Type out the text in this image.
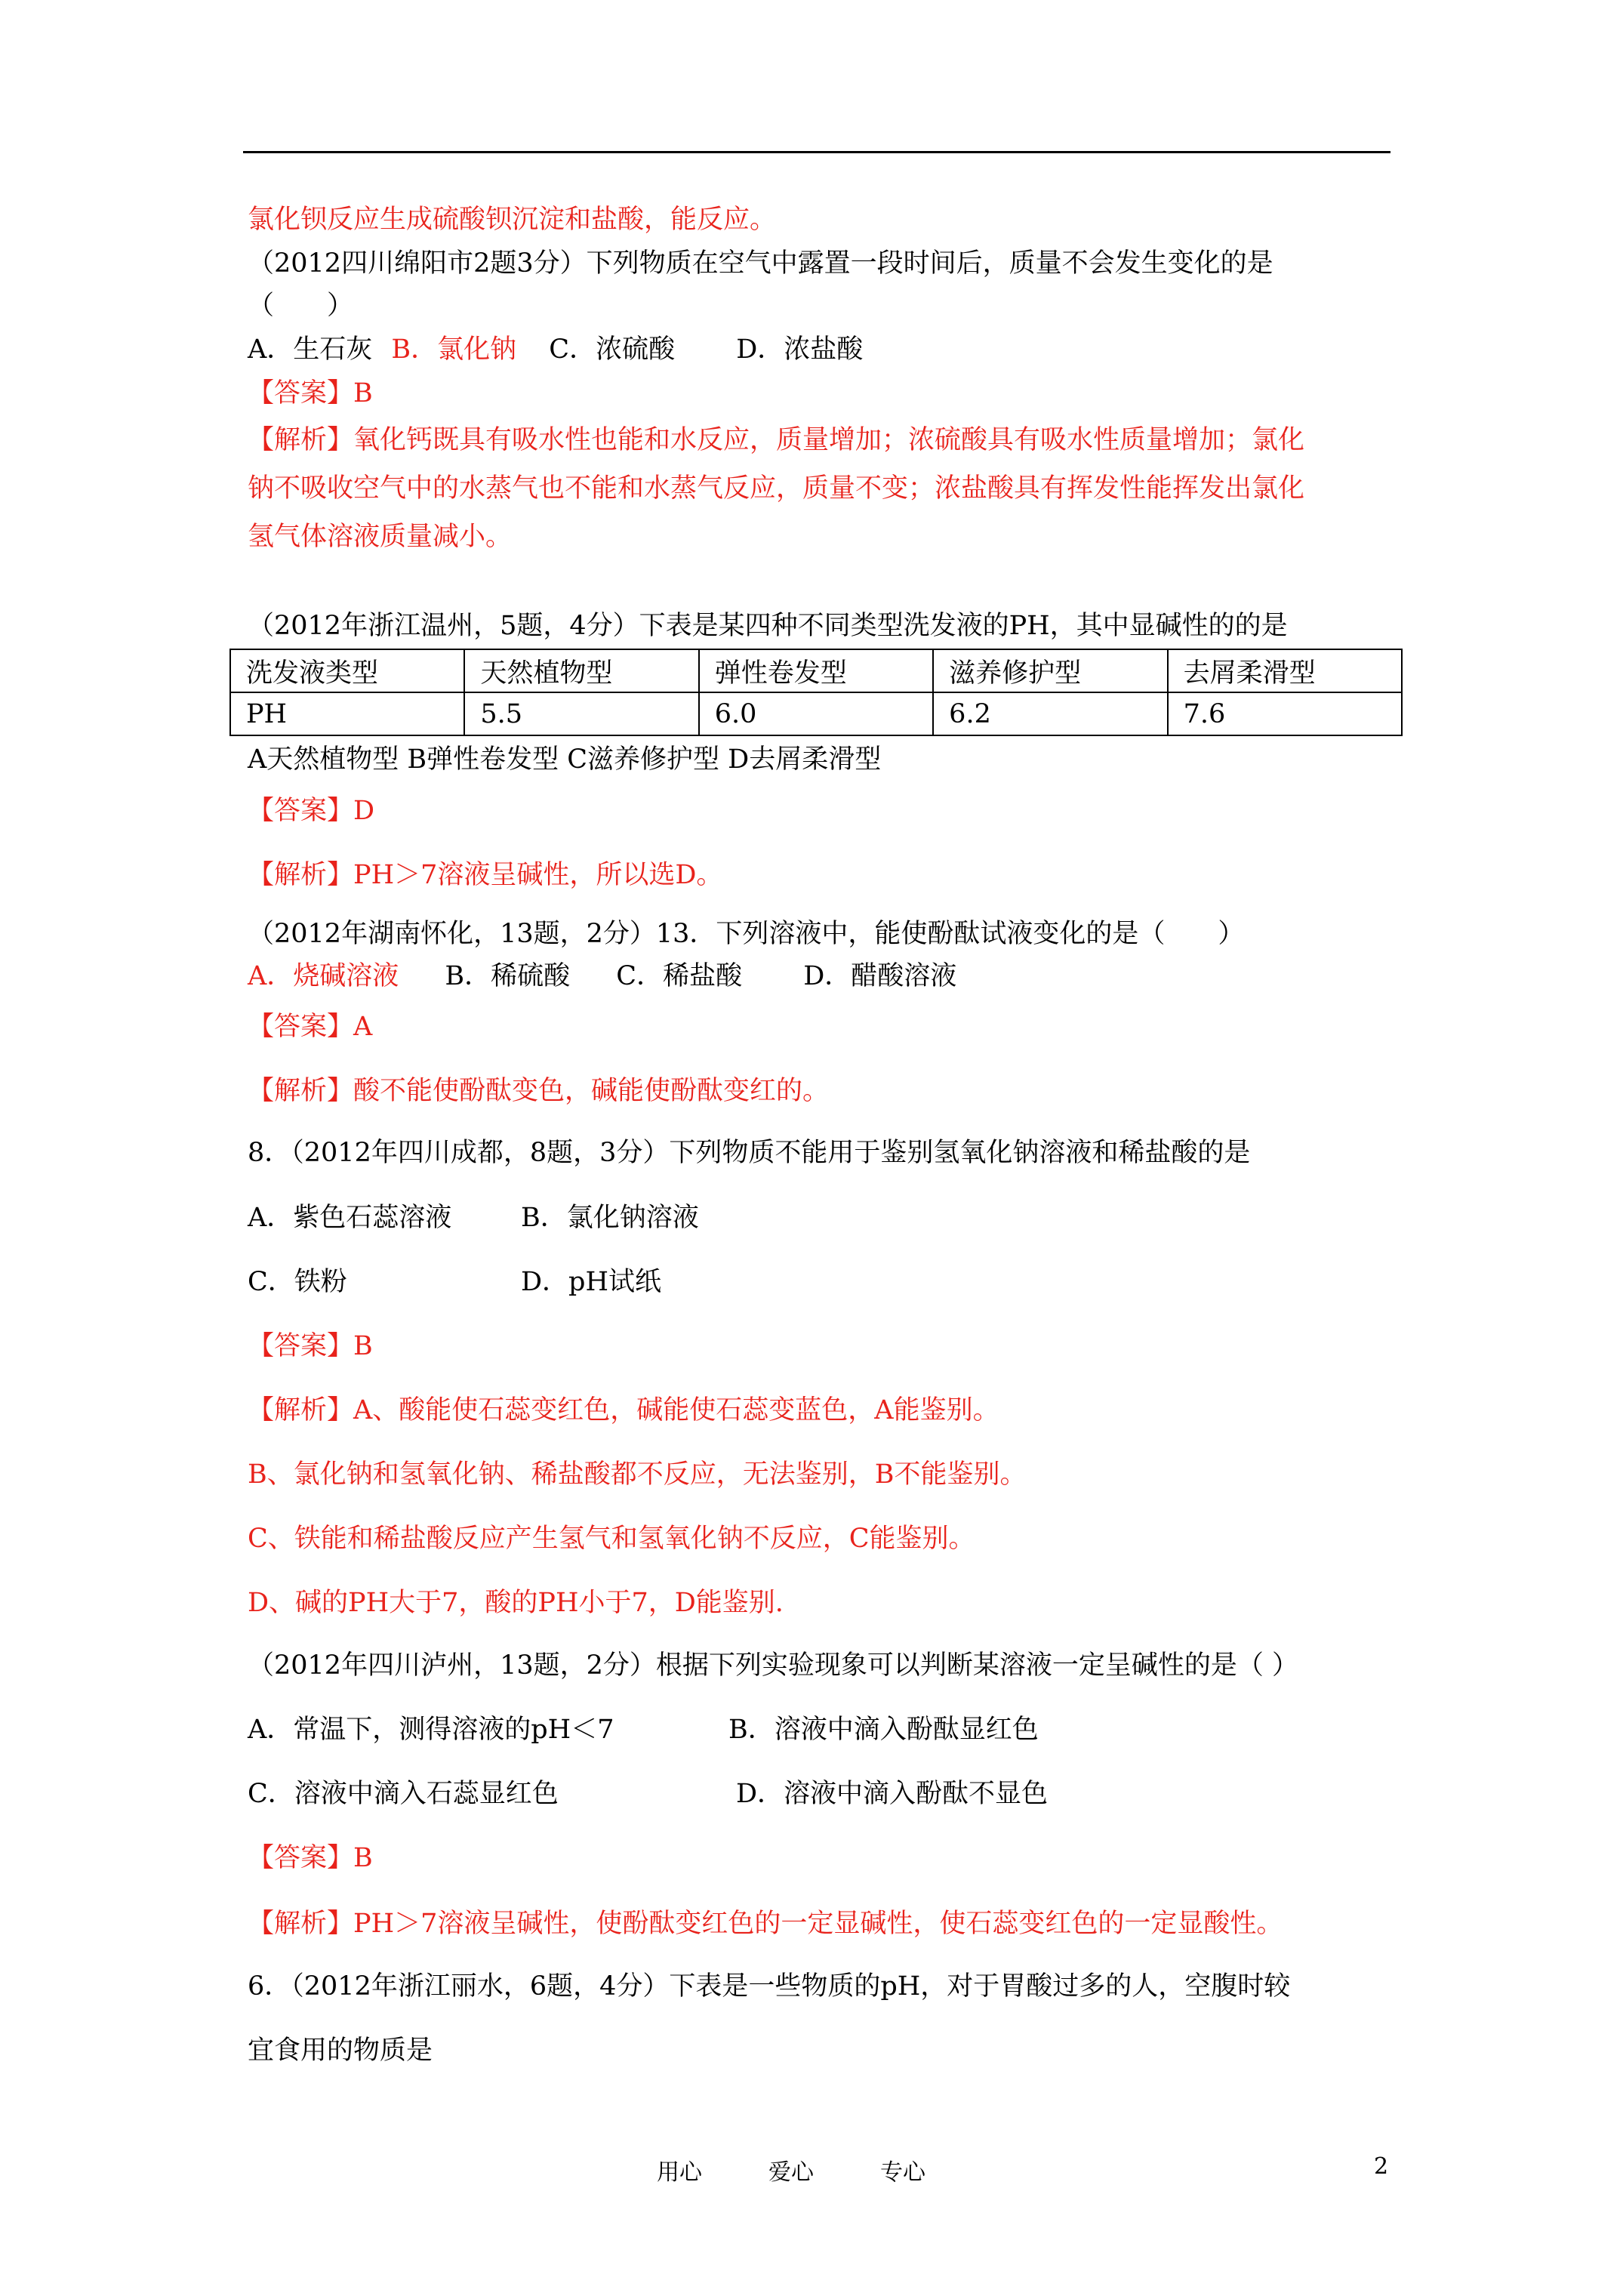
氯化钡反应生成硫酸钡沉淀和盐酸，能反应。
（2012四川绵阳市2题3分）下列物质在空气中露置一段时间后，质量不会发生变化的是
（　　）
A．生石灰 B．氯化钠 C．浓硫酸 D．浓盐酸
【答案】B
【解析】氧化钙既具有吸水性也能和水反应，质量增加；浓硫酸具有吸水性质量增加；氯化
钠不吸收空气中的水蒸气也不能和水蒸气反应，质量不变；浓盐酸具有挥发性能挥发出氯化
氢气体溶液质量减小。
（2012年浙江温州，5题，4分）下表是某四种不同类型洗发液的PH，其中显碱性的的是
洗发液类型	天然植物型	弹性卷发型	滋养修护型	去屑柔滑型
PH	5.5	6.0	6.2	7.6
A天然植物型 B弹性卷发型 C滋养修护型 D去屑柔滑型
【答案】D
【解析】PH＞7溶液呈碱性，所以选D。
（2012年湖南怀化，13题，2分）13．下列溶液中，能使酚酞试液变化的是（　　）
A．烧碱溶液 B．稀硫酸 C．稀盐酸 D．醋酸溶液
【答案】A
【解析】酸不能使酚酞变色，碱能使酚酞变红的。
8．（2012年四川成都，8题，3分）下列物质不能用于鉴别氢氧化钠溶液和稀盐酸的是
A．紫色石蕊溶液	B．氯化钠溶液
C．铁粉	D．pH试纸
【答案】B
【解析】A、酸能使石蕊变红色，碱能使石蕊变蓝色，A能鉴别。
B、氯化钠和氢氧化钠、稀盐酸都不反应，无法鉴别，B不能鉴别。
C、铁能和稀盐酸反应产生氢气和氢氧化钠不反应，C能鉴别。
D、碱的PH大于7，酸的PH小于7，D能鉴别.
（2012年四川泸州，13题，2分）根据下列实验现象可以判断某溶液一定呈碱性的是（ ）
A．常温下，测得溶液的pH＜7	B．溶液中滴入酚酞显红色
C．溶液中滴入石蕊显红色	D．溶液中滴入酚酞不显色
【答案】B
【解析】PH＞7溶液呈碱性，使酚酞变红色的一定显碱性，使石蕊变红色的一定显酸性。
6．（2012年浙江丽水，6题，4分）下表是一些物质的pH，对于胃酸过多的人，空腹时较
宜食用的物质是
用心	爱心	专心	2
